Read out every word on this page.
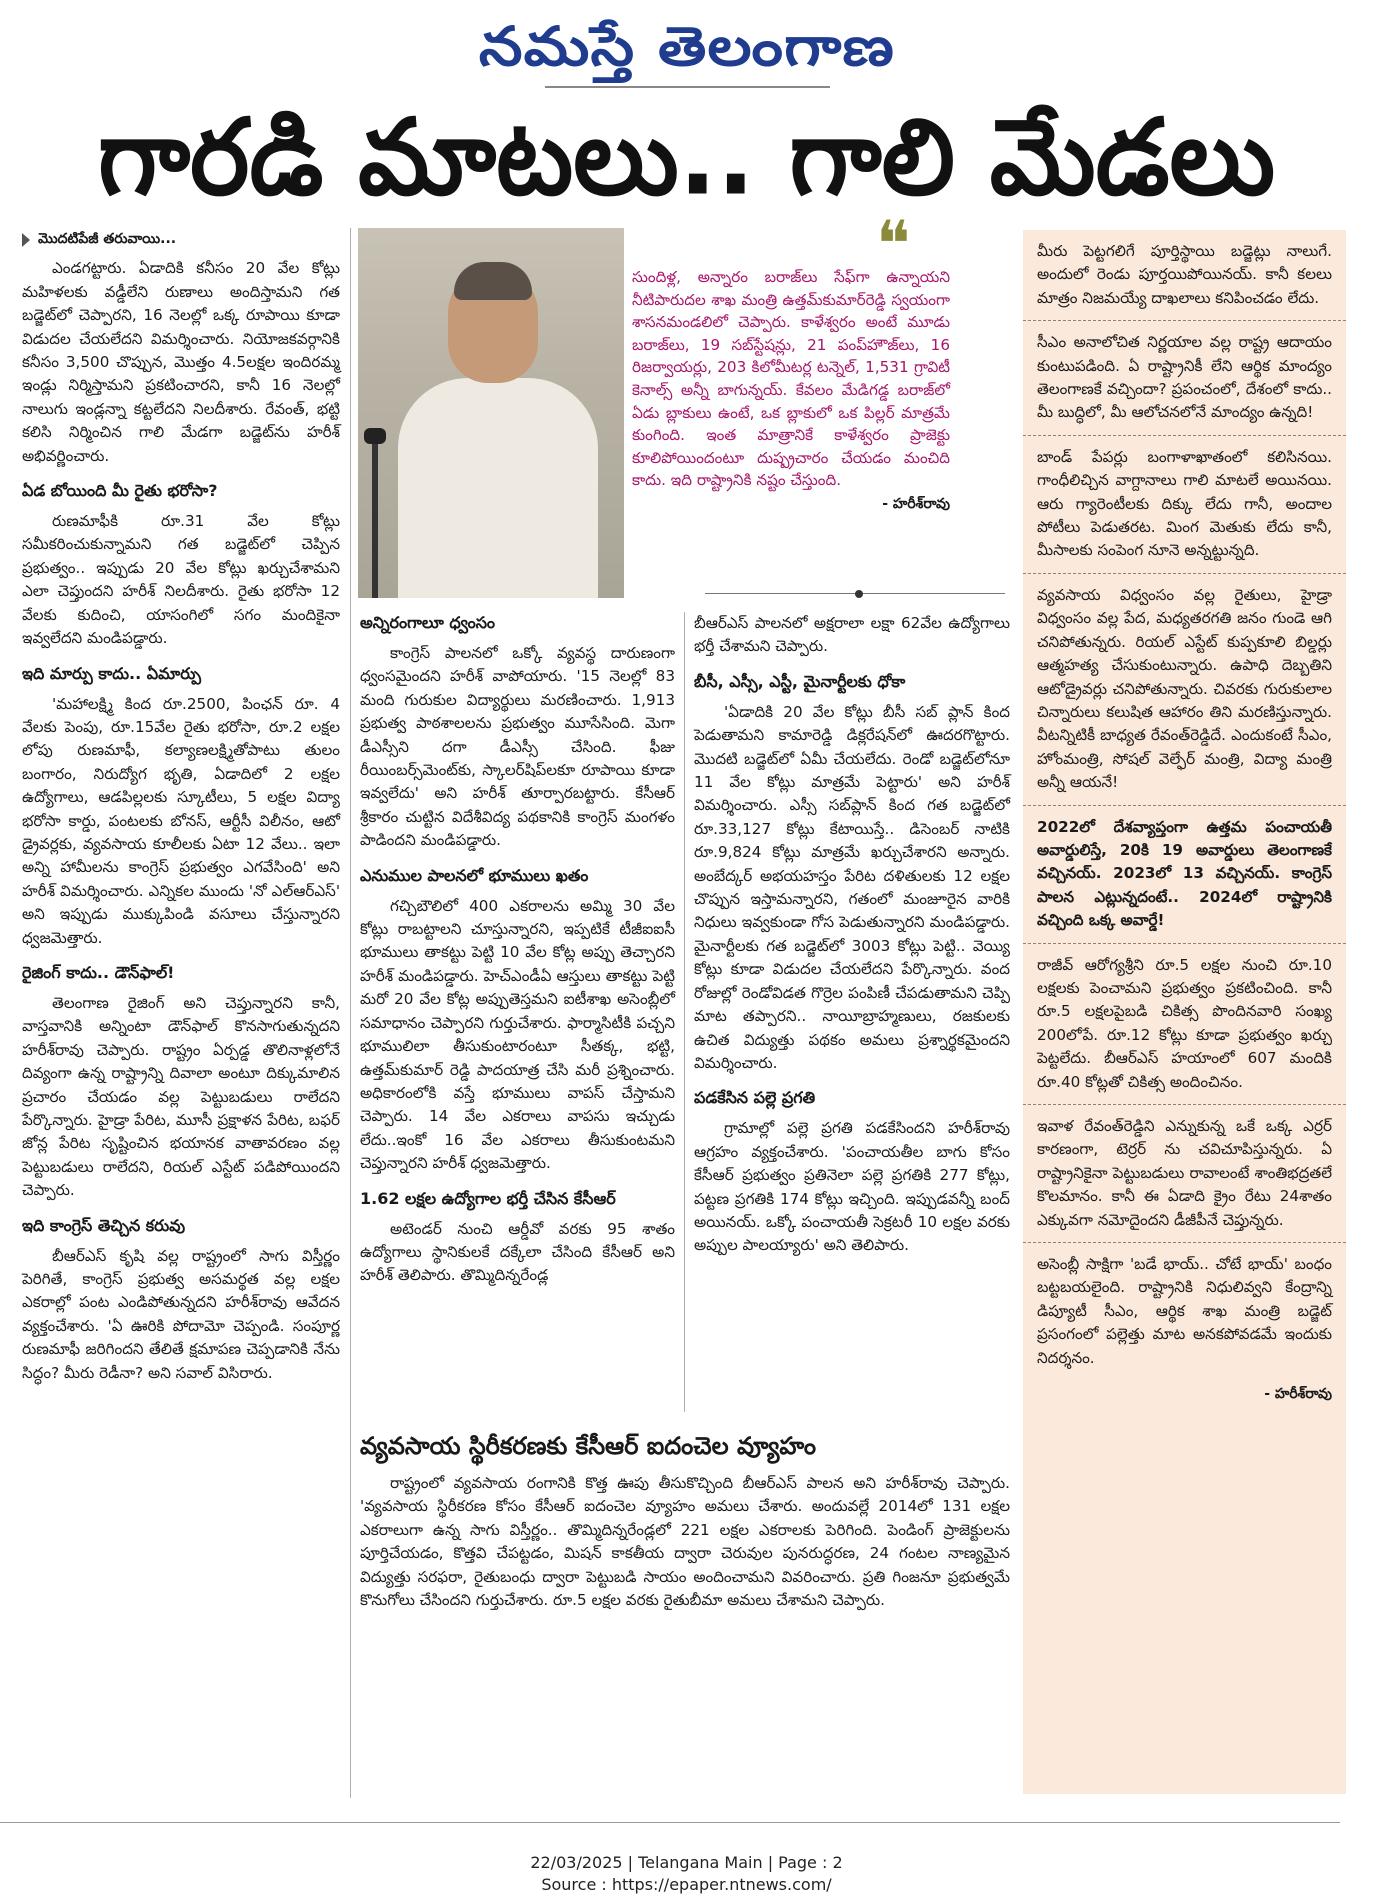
నమస్తే తెలంగాణ
గారడి మాటలు.. గాలి మేడలు
మొదటిపేజీ తరువాయి...

ఎండగట్టారు. ఏడాదికి కనీసం 20 వేల కోట్లు మహిళలకు వడ్డీలేని రుణాలు అందిస్తామని గత బడ్జెట్‌లో చెప్పారని, 16 నెలల్లో ఒక్క రూపాయి కూడా విడుదల చేయలేదని విమర్శించారు. నియోజకవర్గానికి కనీసం 3,500 చొప్పున, మొత్తం 4.5లక్షల ఇందిరమ్మ ఇండ్లు నిర్మిస్తామని ప్రకటించారని, కానీ 16 నెలల్లో నాలుగు ఇండ్లన్నా కట్టలేదని నిలదీశారు. రేవంత్, భట్టి కలిసి నిర్మించిన గాలి మేడగా బడ్జెట్‌ను హరీశ్ అభివర్ణించారు.

ఏడ బోయింది మీ రైతు భరోసా?

రుణమాఫీకి రూ.31 వేల కోట్లు సమీకరించుకున్నామని గత బడ్జెట్‌లో చెప్పిన ప్రభుత్వం.. ఇప్పుడు 20 వేల కోట్లు ఖర్చుచేశామని ఎలా చెప్తుందని హరీశ్ నిలదీశారు. రైతు భరోసా 12 వేలకు కుదించి, యాసంగిలో సగం మందికైనా ఇవ్వలేదని మండిపడ్డారు.

ఇది మార్పు కాదు.. ఏమార్పు

'మహాలక్ష్మి కింద రూ.2500, పింఛన్ రూ. 4 వేలకు పెంపు, రూ.15వేల రైతు భరోసా, రూ.2 లక్షల లోపు రుణమాఫీ, కల్యాణలక్ష్మితోపాటు తులం బంగారం, నిరుద్యోగ భృతి, ఏడాదిలో 2 లక్షల ఉద్యోగాలు, ఆడపిల్లలకు స్కూటీలు, 5 లక్షల విద్యా భరోసా కార్డు, పంటలకు బోనస్, ఆర్టీసీ విలీనం, ఆటో డ్రైవర్లకు, వ్యవసాయ కూలీలకు ఏటా 12 వేలు.. ఇలా అన్ని హామీలను కాంగ్రెస్ ప్రభుత్వం ఎగవేసింది' అని హరీశ్ విమర్శించారు. ఎన్నికల ముందు 'నో ఎల్ఆర్ఎస్' అని ఇప్పుడు ముక్కుపిండి వసూలు చేస్తున్నారని ధ్వజమెత్తారు.

రైజింగ్ కాదు.. డౌన్‌ఫాల్!

తెలంగాణ రైజింగ్ అని చెప్తున్నారని కానీ, వాస్తవానికి అన్నింటా డౌన్‌ఫాల్ కొనసాగుతున్నదని హరీశ్‌రావు చెప్పారు. రాష్ట్రం ఏర్పడ్డ తొలినాళ్లలోనే దివ్యంగా ఉన్న రాష్ట్రాన్ని దివాలా అంటూ దిక్కుమాలిన ప్రచారం చేయడం వల్ల పెట్టుబడులు రాలేదని పేర్కొన్నారు. హైడ్రా పేరిట, మూసీ ప్రక్షాళన పేరిట, బఫర్ జోన్ల పేరిట సృష్టించిన భయానక వాతావరణం వల్ల పెట్టుబడులు రాలేదని, రియల్ ఎస్టేట్ పడిపోయిందని చెప్పారు.

ఇది కాంగ్రెస్ తెచ్చిన కరువు

బీఆర్ఎస్ కృషి వల్ల రాష్ట్రంలో సాగు విస్తీర్ణం పెరిగితే, కాంగ్రెస్ ప్రభుత్వ అసమర్థత వల్ల లక్షల ఎకరాల్లో పంట ఎండిపోతున్నదని హరీశ్‌రావు ఆవేదన వ్యక్తంచేశారు. 'ఏ ఊరికి పోదామో చెప్పండి. సంపూర్ణ రుణమాఫీ జరిగిందని తేలితే క్షమాపణ చెప్పడానికి నేను సిద్ధం? మీరు రెడీనా? అని సవాల్ విసిరారు.

❝
సుందిళ్ల, అన్నారం బరాజ్‌లు సేఫ్‌గా ఉన్నాయని నీటిపారుదల శాఖ మంత్రి ఉత్తమ్‌కుమార్‌రెడ్డి స్వయంగా శాసనమండలిలో చెప్పారు. కాళేశ్వరం అంటే మూడు బరాజ్‌లు, 19 సబ్‌స్టేషన్లు, 21 పంప్‌హౌజ్‌లు, 16 రిజర్వాయర్లు, 203 కిలోమీటర్ల టన్నెల్, 1,531 గ్రావిటీ కెనాల్స్ అన్నీ బాగున్నయ్. కేవలం మేడిగడ్డ బరాజ్‌లో ఏడు బ్లాకులు ఉంటే, ఒక బ్లాకులో ఒక పిల్లర్ మాత్రమే కుంగింది. ఇంత మాత్రానికే కాళేశ్వరం ప్రాజెక్టు కూలిపోయిందంటూ దుష్ప్రచారం చేయడం మంచిది కాదు. ఇది రాష్ట్రానికి నష్టం చేస్తుంది.
- హరీశ్‌రావు
అన్నిరంగాలూ ధ్వంసం

కాంగ్రెస్ పాలనలో ఒక్కో వ్యవస్థ దారుణంగా ధ్వంసమైందని హరీశ్ వాపోయారు. '15 నెలల్లో 83 మంది గురుకుల విద్యార్థులు మరణించారు. 1,913 ప్రభుత్వ పాఠశాలలను ప్రభుత్వం మూసేసింది. మెగా డీఎస్సీని దగా డీఎస్సీ చేసింది. ఫీజు రీయింబర్స్‌మెంట్‌కు, స్కాలర్‌షిప్‌లకూ రూపాయి కూడా ఇవ్వలేదు' అని హరీశ్ తూర్పారబట్టారు. కేసీఆర్ శ్రీకారం చుట్టిన విదేశీవిద్య పథకానికి కాంగ్రెస్ మంగళం పాడిందని మండిపడ్డారు.

ఎనుముల పాలనలో భూములు ఖతం

గచ్చిబౌలిలో 400 ఎకరాలను అమ్మి 30 వేల కోట్లు రాబట్టాలని చూస్తున్నారని, ఇప్పటికే టీజీఐఐసీ భూములు తాకట్టు పెట్టి 10 వేల కోట్ల అప్పు తెచ్చారని హరీశ్ మండిపడ్డారు. హెచ్ఎండీఏ ఆస్తులు తాకట్టు పెట్టి మరో 20 వేల కోట్ల అప్పుతెస్తమని ఐటీశాఖ అసెంబ్లీలో సమాధానం చెప్పారని గుర్తుచేశారు. ఫార్మాసిటీకి పచ్చని భూములిలా తీసుకుంటారంటూ సీతక్క, భట్టి, ఉత్తమ్‌కుమార్ రెడ్డి పాదయాత్ర చేసి మరీ ప్రశ్నించారు. అధికారంలోకి వస్తే భూములు వాపస్ చేస్తామని చెప్పారు. 14 వేల ఎకరాలు వాపసు ఇచ్చుడు లేదు..ఇంకో 16 వేల ఎకరాలు తీసుకుంటమని చెప్తున్నారని హరీశ్ ధ్వజమెత్తారు.

1.62 లక్షల ఉద్యోగాల భర్తీ చేసిన కేసీఆర్

అటెండర్ నుంచి ఆర్డీవో వరకు 95 శాతం ఉద్యోగాలు స్థానికులకే దక్కేలా చేసింది కేసీఆర్ అని హరీశ్ తెలిపారు. తొమ్మిదిన్నరేండ్ల

బీఆర్ఎస్ పాలనలో అక్షరాలా లక్షా 62వేల ఉద్యోగాలు భర్తీ చేశామని చెప్పారు.

బీసీ, ఎస్సీ, ఎస్టీ, మైనార్టీలకు ధోకా

'ఏడాదికి 20 వేల కోట్లు బీసీ సబ్ ప్లాన్ కింద పెడుతామని కామారెడ్డి డిక్లరేషన్‌లో ఊదరగొట్టారు. మొదటి బడ్జెట్‌లో ఏమీ చేయలేదు. రెండో బడ్జెట్‌లోనూ 11 వేల కోట్లు మాత్రమే పెట్టారు' అని హరీశ్ విమర్శించారు. ఎస్సీ సబ్‌ప్లాన్ కింద గత బడ్జెట్‌లో రూ.33,127 కోట్లు కేటాయిస్తే.. డిసెంబర్ నాటికి రూ.9,824 కోట్లు మాత్రమే ఖర్చుచేశారని అన్నారు. అంబేద్కర్ అభయహస్తం పేరిట దళితులకు 12 లక్షల చొప్పున ఇస్తామన్నారని, గతంలో మంజూరైన వారికి నిధులు ఇవ్వకుండా గోస పెడుతున్నారని మండిపడ్డారు. మైనార్టీలకు గత బడ్జెట్‌లో 3003 కోట్లు పెట్టి.. వెయ్యి కోట్లు కూడా విడుదల చేయలేదని పేర్కొన్నారు. వంద రోజుల్లో రెండోవిడత గొర్రెల పంపిణీ చేపడుతామని చెప్పి మాట తప్పారని.. నాయీబ్రాహ్మణులు, రజకులకు ఉచిత విద్యుత్తు పథకం అమలు ప్రశ్నార్థకమైందని విమర్శించారు.

పడకేసిన పల్లె ప్రగతి

గ్రామాల్లో పల్లె ప్రగతి పడకేసిందని హరీశ్‌రావు ఆగ్రహం వ్యక్తంచేశారు. 'పంచాయతీల బాగు కోసం కేసీఆర్ ప్రభుత్వం ప్రతినెలా పల్లె ప్రగతికి 277 కోట్లు, పట్టణ ప్రగతికి 174 కోట్లు ఇచ్చింది. ఇప్పుడవన్నీ బంద్ అయినయ్. ఒక్కో పంచాయతీ సెక్రటరీ 10 లక్షల వరకు అప్పుల పాలయ్యారు' అని తెలిపారు.

వ్యవసాయ స్థిరీకరణకు కేసీఆర్ ఐదంచెల వ్యూహం

రాష్ట్రంలో వ్యవసాయ రంగానికి కొత్త ఊపు తీసుకొచ్చింది బీఆర్ఎస్ పాలన అని హరీశ్‌రావు చెప్పారు. 'వ్యవసాయ స్థిరీకరణ కోసం కేసీఆర్ ఐదంచెల వ్యూహం అమలు చేశారు. అందువల్లే 2014లో 131 లక్షల ఎకరాలుగా ఉన్న సాగు విస్తీర్ణం.. తొమ్మిదిన్నరేండ్లలో 221 లక్షల ఎకరాలకు పెరిగింది. పెండింగ్ ప్రాజెక్టులను పూర్తిచేయడం, కొత్తవి చేపట్టడం, మిషన్ కాకతీయ ద్వారా చెరువుల పునరుద్ధరణ, 24 గంటల నాణ్యమైన విద్యుత్తు సరఫరా, రైతుబంధు ద్వారా పెట్టుబడి సాయం అందించామని వివరించారు. ప్రతి గింజనూ ప్రభుత్వమే కొనుగోలు చేసిందని గుర్తుచేశారు. రూ.5 లక్షల వరకు రైతుబీమా అమలు చేశామని చెప్పారు.

మీరు పెట్టగలిగే పూర్తిస్థాయి బడ్జెట్లు నాలుగే. అందులో రెండు పూర్తయిపోయినయ్. కానీ కలలు మాత్రం నిజమయ్యే దాఖలాలు కనిపించడం లేదు.
సీఎం అనాలోచిత నిర్ణయాల వల్ల రాష్ట్ర ఆదాయం కుంటుపడింది. ఏ రాష్ట్రానికీ లేని ఆర్థిక మాంద్యం తెలంగాణకే వచ్చిందా? ప్రపంచంలో, దేశంలో కాదు.. మీ బుద్ధిలో, మీ ఆలోచనలోనే మాంద్యం ఉన్నది!
బాండ్ పేపర్లు బంగాళాఖాతంలో కలిసినయి. గాంధీలిచ్చిన వాగ్దానాలు గాలి మాటలే అయినయి. ఆరు గ్యారెంటీలకు దిక్కు లేదు గానీ, అందాల పోటీలు పెడుతరట. మింగ మెతుకు లేదు కానీ, మీసాలకు సంపెంగ నూనె అన్నట్టున్నది.
వ్యవసాయ విధ్వంసం వల్ల రైతులు, హైడ్రా విధ్వంసం వల్ల పేద, మధ్యతరగతి జనం గుండె ఆగి చనిపోతున్నరు. రియల్ ఎస్టేట్ కుప్పకూలి బిల్డర్లు ఆత్మహత్య చేసుకుంటున్నారు. ఉపాధి దెబ్బతిని ఆటోడ్రైవర్లు చనిపోతున్నారు. చివరకు గురుకులాల చిన్నారులు కలుషిత ఆహారం తిని మరణిస్తున్నారు. వీటన్నిటికీ బాధ్యత రేవంత్‌రెడ్డిదే. ఎందుకంటే సీఎం, హోంమంత్రి, సోషల్ వెల్ఫేర్ మంత్రి, విద్యా మంత్రి అన్నీ ఆయనే!
2022లో దేశవ్యాప్తంగా ఉత్తమ పంచాయతీ అవార్డులిస్తే, 20కి 19 అవార్డులు తెలంగాణకే వచ్చినయ్. 2023లో 13 వచ్చినయ్. కాంగ్రెస్ పాలన ఎట్లున్నదంటే.. 2024లో రాష్ట్రానికి వచ్చింది ఒక్క అవార్డే!
రాజీవ్ ఆరోగ్యశ్రీని రూ.5 లక్షల నుంచి రూ.10 లక్షలకు పెంచామని ప్రభుత్వం ప్రకటించింది. కానీ రూ.5 లక్షలపైబడి చికిత్స పొందినవారి సంఖ్య 200లోపే. రూ.12 కోట్లు కూడా ప్రభుత్వం ఖర్చు పెట్టలేదు. బీఆర్ఎస్ హయాంలో 607 మందికి రూ.40 కోట్లతో చికిత్స అందించినం.
ఇవాళ రేవంత్‌రెడ్డిని ఎన్నుకున్న ఒకే ఒక్క ఎర్రర్ కారణంగా, టెర్రర్ ను చవిచూపిస్తున్నరు. ఏ రాష్ట్రానికైనా పెట్టుబడులు రావాలంటే శాంతిభద్రతలే కొలమానం. కానీ ఈ ఏడాది క్రైం రేటు 24శాతం ఎక్కువగా నమోదైందని డీజీపీనే చెప్తున్నరు.
అసెంబ్లీ సాక్షిగా 'బడే భాయ్.. చోటే భాయ్' బంధం బట్టబయలైంది. రాష్ట్రానికి నిధులివ్వని కేంద్రాన్ని డిప్యూటీ సీఎం, ఆర్థిక శాఖ మంత్రి బడ్జెట్ ప్రసంగంలో పల్లెత్తు మాట అనకపోవడమే ఇందుకు నిదర్శనం.
- హరీశ్‌రావు
22/03/2025 | Telangana Main | Page : 2
Source : https://epaper.ntnews.com/
